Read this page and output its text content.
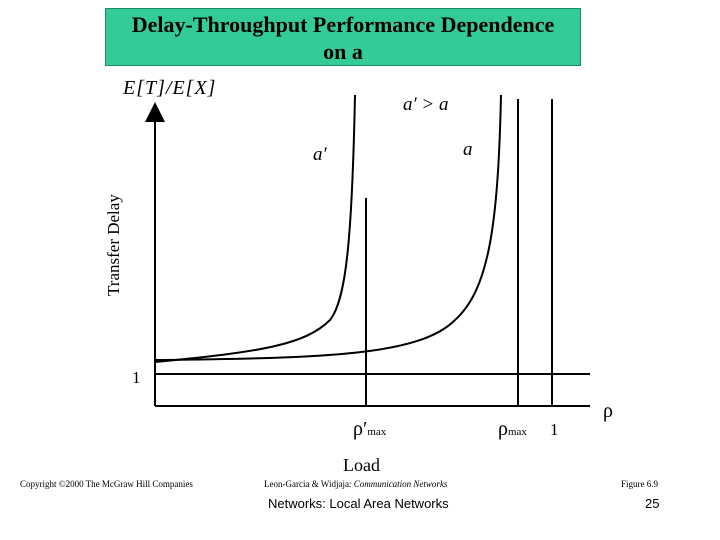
Delay-Throughput Performance Dependence
on a
E[T]/E[X]
Transfer Delay
1
a′ > a
a′	a
ρ
ρ′max	ρmax 1
Load
Copyright ©2000 The McGraw Hill Companies	Leon-Garcia & Widjaja: Communication Networks	Figure 6.9
Networks: Local Area Networks	25
